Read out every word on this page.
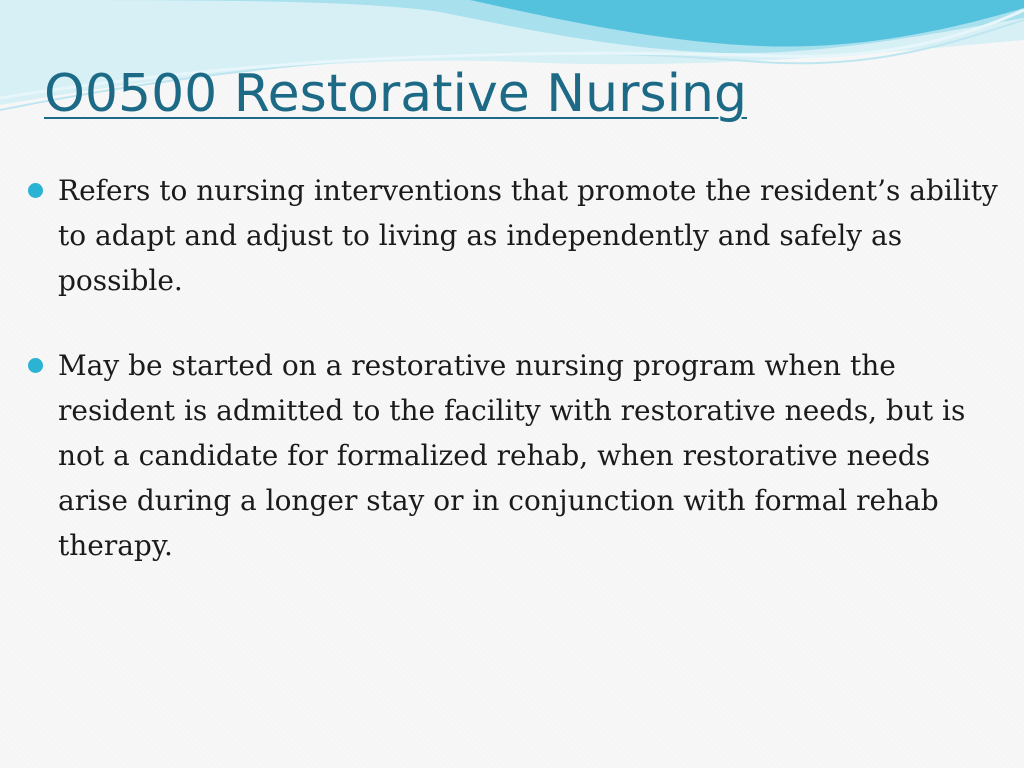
O0500 Restorative Nursing
Refers to nursing interventions that promote the resident’s ability to adapt and adjust to living as independently and safely as possible.
May be started on a restorative nursing program when the resident is admitted to the facility with restorative needs, but is not a candidate for formalized rehab, when restorative needs arise during a longer stay or in conjunction with formal rehab therapy.
